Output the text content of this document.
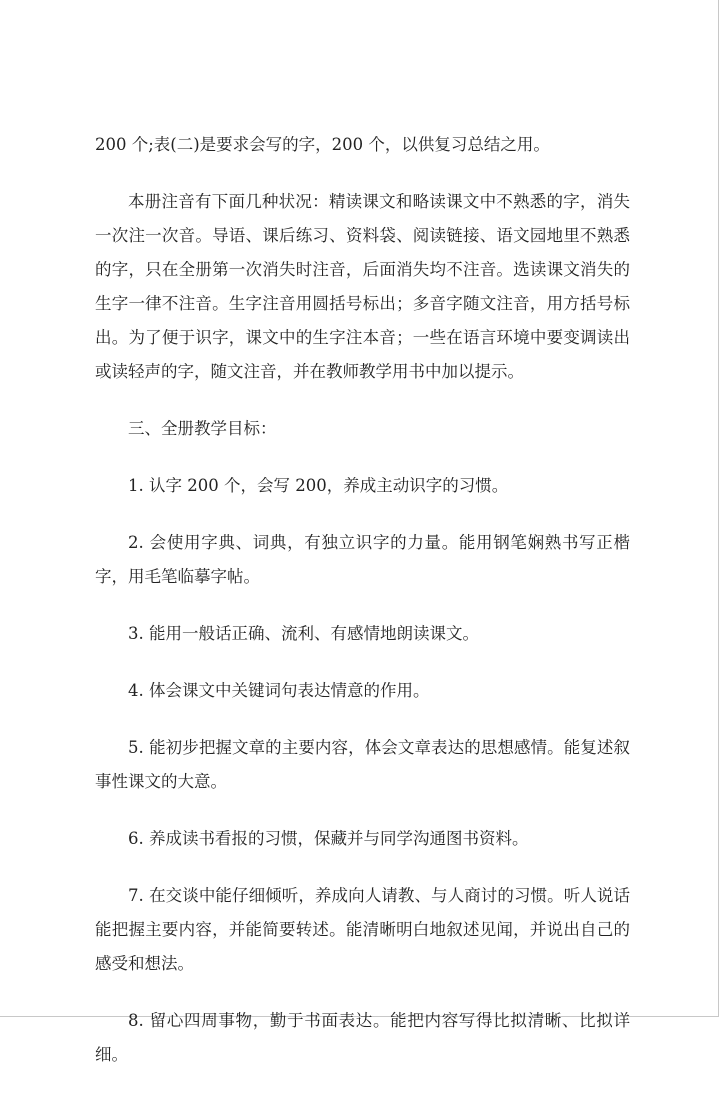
200 个;表(二)是要求会写的字，200 个，以供复习总结之用。

本册注音有下面几种状况：精读课文和略读课文中不熟悉的字，消失一次注一次音。导语、课后练习、资料袋、阅读链接、语文园地里不熟悉的字，只在全册第一次消失时注音，后面消失均不注音。选读课文消失的生字一律不注音。生字注音用圆括号标出；多音字随文注音，用方括号标出。为了便于识字，课文中的生字注本音；一些在语言环境中要变调读出或读轻声的字，随文注音，并在教师教学用书中加以提示。

三、全册教学目标：

1. 认字 200 个，会写 200，养成主动识字的习惯。

2. 会使用字典、词典，有独立识字的力量。能用钢笔娴熟书写正楷字，用毛笔临摹字帖。

3. 能用一般话正确、流利、有感情地朗读课文。

4. 体会课文中关键词句表达情意的作用。

5. 能初步把握文章的主要内容，体会文章表达的思想感情。能复述叙事性课文的大意。

6. 养成读书看报的习惯，保藏并与同学沟通图书资料。

7. 在交谈中能仔细倾听，养成向人请教、与人商讨的习惯。听人说话能把握主要内容，并能简要转述。能清晰明白地叙述见闻，并说出自己的感受和想法。

8. 留心四周事物，勤于书面表达。能把内容写得比拟清晰、比拟详细。
